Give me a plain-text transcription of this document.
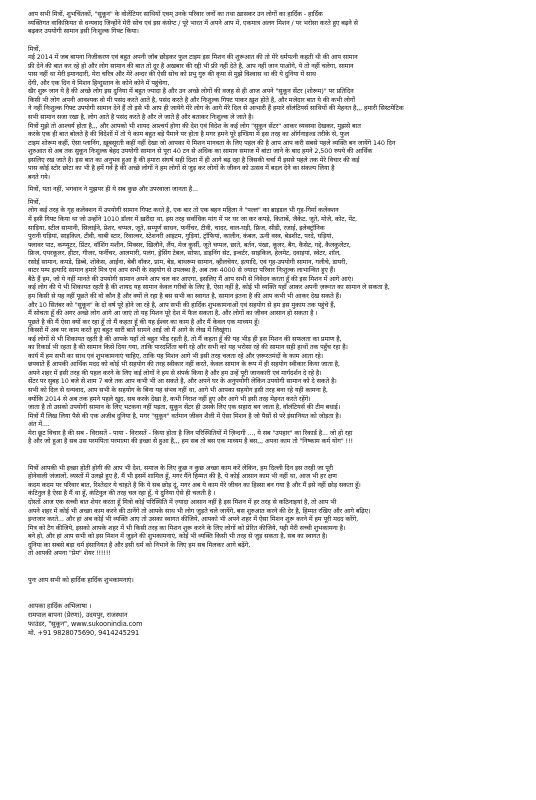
आप सभी मित्रों, शुभचिंतकों, "सुकून" के वोलेंटियर साथियों एवम् उनके परिवार जनों का तथा ख़ासकर उन लोगों का हार्दिक - हार्दिक
व्यक्तिगत वाकिफ़ियत से धन्यवाद जिन्होंने मेरी सोच एवं इस कंसेप्ट / पूरे भारत में अपने आप में, एकमात्र अलग मिशन / पर भरोसा करते हुए बढ़ने से
बढ़कर उपयोगी सामान इसी निःशुल्क गिफ्ट किया।
मित्रों,
मई 2014 में जब बापना निजीकरण एवं बहुत अपनी जॉब छोड़कर फुल टाइम इस मिशन की शुरूआत की तो मेरे धर्मपत्नी कहती थी की आप सामान
फ्री देने की बात कर रहे हो और लोग सामान की बात तो दूर है अखबार की रद्दी भी फ्री नहीं देते है, आप नहीं जान पाओगे, ये तो नहीं चलेगा, सामान
पास नहीं था मेरी इमानदारी, मेरा चरित्र और मेरे अन्दर की ऐसी सोच को प्रभु गुरु की कृपा से मुझे विश्वास था की ये दुनिया में साथ
देंगी, और एक दिन ये मिशन हिन्दुस्तान के कोने कोने में पहुंचेगा,
खैर शुरू जान ये है की अच्छे लोग इस दुनिया में बहुत ज्यादा है और उन अच्छे लोगों की वजह से ही आज अपने "सुकून सेंटर (शोरूम)" पर प्रतिदिन
किसी भी लोग अपनी आवश्यक वो मी पसंद करते आते है, पसंद करते है और निःशुल्क गिफ्ट पाकर ख़ुश होते है, और मजेदार बात ये की कभी लोगों
ने नहीं निःशुल्क गिफ्ट उपयोगी सामान देने हैं तो इसे भी आप ही जायेगे मेरे लोग के आगे मेरे दिल से आभारी हैं हमारे वॉलंटियर्स साथियों की मेहनत है,,, हमारी सिस्टमेटिक
सभी सामान सजा रखा है, लोग आते है पसंद करते है और ले जाते है और बताकर निःशुल्क ले जाते है।
मित्रों मुझे तो आश्चर्य होता है,,, और आपको भी शायद आश्चर्य होगा की देश एवं विदेश के कई लोग "सुकून सेंटर" आकर व्यवस्था देखकर, मुझसे बात
करके एक ही बात बोलते है की विदेशों में तो ये काम बहुत बड़े पैमाने पर होता है मगर हमने पूरे इण्डिया में इस तरह का ऑर्गनाइज्ड तरीके से, फुल
टाइम शोरूम कहीं, ऐसा प्लानिंग, ख़ूबसूरती कहीं नहीं देखा जो आपका ये मिशन मानवता के लिए पहल की है आप आप करी सबसे पहले व्यक्ति बन जायेंगे 140 दिन
शुरुआत से अब तक सुकून निःशुल्क बेहद उपयोगी सामान से पूरा 40 टन से अधिक का सामान समाज में बांटा जाने के बाद हमने 2,500 रुपये की आर्थिक
इसलिए रख जाते है। इस बात का अनुभव हुआ है की हमारा संघर्ष सही दिशा में ही आगे बढ़ रहा है जिसकी चर्चा मैं इससे पहले तक मेरे विचार की कई
पास कोई स्टोर छोटा का भी है हमें गर्व है की अच्छे लोगों ने हम लोगों से जुड़ कर लोगों के जीवन को उत्सव में बदल देने का संकल्प लिया है
बनते गये।
मित्रों, पता नहीं, भगवान ने मुझपर ही ये सब कुछ और उपरवाला जानता है...
मित्रों,
लोग कई तरह के गृह कलेक्शन में उपयोगी सामान गिफ्ट करते है, एक बार तो एक बहन महिला ने "पल्ल" का ब्राइडल भी गृह-गिर्मा कलेक्शन
में इसी गिफ्ट किया था जो उन्होंने 1010 डॉलर में ख़रीदा था, इस तरह सर्वाधिक मांग में पर घर जा कर कपड़े, किताबें, जैकेट, जूते, मोजे, कोट, पेंट,
साड़िया, स्टील सामानी, सिलाईने, प्रेशर, चप्पल, जूते, सम्पूर्ण साधन, फर्नीचर, टीवी, चादर, वाल-घड़ी, फ्रिज, सीडी, रजाई, इलेक्ट्रॉनिक
पुरानी घड़ियां, साइकिल, टीवी, चाबी स्टार, रिवाल्वर, स्टेशनरी आइटम, गुड़ियां, ट्रॉफियां, कालीन, कंबल, ऊनी वस्त्र, बेडशीट, परदे, घड़ियां,
फ्लावर पाट, कम्प्यूटर, प्रिंटर, वॉशिंग मशीन, मिक्सर, खिलौने, लैंप, मेज कुर्सी, जूते चप्पल, छाते, बर्तन, पंखा, कूलर, बैग, कैसेट, गद्दे, कैलकुलेटर,
फ्रिज, एयरकूलर, हीटर, गीजर, फर्नीचर, आलमारी, पलंग, ड्रेसिंग टेबल, सोफा, डाइनिंग सेट, इन्वर्टर, साइकिल, हेलमेट, दवाइयां, स्वेटर, शॉल,
रसोई सामान, कपडे, डिब्बे, शोकेस, आईना, बेबी वॉकर, प्राम, बेड, बाथरूम सामान, व्हीलचेयर, इत्यादि, एवं गृह-उपयोगी सामान, गलीचे, डायरी,
वाटर पम्प इत्यादि सामान हमारे मित्र एवं आप सभी के सहयोग से उपलब्ध है, अब तक 4000 से ज्यादा परिवार निःशुल्क लाभान्वित हुए हैं।
बैठे हैं हम, जो ये नहीं मानते की उपयोगी सामान अपने आप चल कर आएगा, इसलिए मैं आप सभी से निवेदन करता हूँ की इस मिशन में आगे आएं।
कई लोग की ये भी शिकायत रहती है की शायद यह सामान केवल गरीबों के लिए है, ऐसा नहीं है, कोई भी व्यक्ति यहाँ आकर अपनी ज़रूरत का सामान ले सकता है,
हम किसी से यह नहीं पूछते की वो कौन है और क्यों ले रहा है बस सभी का स्वागत है, सामान इतना है की आप कभी भी आकर देख सकते हैं।
और 10 सितंबर को "सुकून" के दो वर्ष पूरे होने जा रहे है, आप सभी की हार्दिक शुभकामनाओं एवं सहयोग से हम इस मुकाम तक पहुंचे हैं,
मैं सोचता हूँ की अगर अच्छे लोग आगे आ जाएं तो यह मिशन पूरे देश में फैल सकता है, और लोगों का जीवन आसान हो सकता है ।
पूछते है की मैं ऐसा क्यों कर रहा हूँ तो मैं कहता हूँ की यह ईश्वर का काम है और मैं केवल एक माध्यम हूँ।
किस्सों में अब पर काम करते हुए बहुत सारी बातें सामने आई जो मैं आगे के लेख में लिखूंगा।
कई लोगों से भी शिकायत रहती है की आपके यहाँ तो बहुत भीड़ रहती है, तो मैं कहता हूँ की यह भीड़ ही इस मिशन की सफलता का प्रमाण है,
का रिकार्ड भी रहता है की सामान किसे दिया गया, ताकि पारदर्शिता बनी रहे और सभी को यह भरोसा रहे की सामान सही हाथों तक पहुँच रहा है।
कार्य में हम सभी का साथ एवं शुभकामनाएं चाहिए, ताकि यह मिशन आगे भी इसी तरह चलता रहे और ज़रूरतमंदों के काम आता रहे।
छपवाते हैं आपकी आर्थिक मदद को कोई भी सहयोग की तरह स्वीकार नहीं करते, केवल सामान के रूप में ही सहयोग स्वीकार किया जाता है,
अपने शहर में इसी तरह की पहल करने के लिए कई लोगों ने हम से संपर्क किया है और हम उन्हें पूरी जानकारी एवं मार्गदर्शन दे रहे है।
सेंटर पर सुबह 10 बजे से शाम 7 बजे तक आप कभी भी आ सकते है, और अपने घर के अनुपयोगी लेकिन उपयोगी सामान को दे सकते है।
सभी को दिल से धन्यवाद, आप सभी के सहयोग के बिना यह संभव नहीं था, आगे भी आपका सहयोग इसी तरह बना रहे यही कामना है,
क्योंकि 2014 से अब तक हमने पहले खुद, सब करके देखा है, कभी निराश नहीं हुए और आगे भी इसी तरह मेहनत करते रहेंगे।
जाता है तो उसको उपयोगी सामान के लिए भटकना नहीं पड़ता, सुकून सेंटर ही उसके लिए एक सहारा बन जाता है, वॉलंटियर्स की टीम बधाई।
मित्रों मैं लिख लिया पैसे की एक अजीब दुनिया है, मगर "सुकून" वर्तमान जीवन शैली में ऐसा मिशन है जो पैसों से परे इंसानियत को जोड़ता है।
अंत में....
मेरा छूट विचार है की सब - विरासतें - पाया - विरासतें - किया होता है जिन परिस्थितियों में ज़िन्दगी ..., ये सब "उपहार" का रिकार्ड है... जो हो रहा
है और जो हुआ है सब उस परमपिता परमात्मा की इच्छा से हुआ है,,, हम सब तो बस एक माध्यम है बस,,, अपना काम तो "निष्काम कर्म योग" !!!
मित्रों आपकी भी इच्छा होती होगी की आप भी देश, समाज के लिए कुछ न कुछ अच्छा काम करें लेकिन, हम दिल्ली दिन इस तरही जा पूरी
होनेवाली जंजालों, व्यस्तों में उलझे हुए है, मैं भी इसमें शामिल हूँ, मगर मैंने हिम्मत की है, ये कोई आसान काम भी नहीं था, आज भी हर क्षण
कदम कदम पर परिवार बात, रिश्तेदार ये चाहते है कि ये सब छोड़ दूं, मगर अब ये काम मेरे जीवन का हिस्सा बन गया है और मैं इसे नहीं छोड़ सकता हूँ।
कंटिनुल है ऐसा है मैं था हूँ, कंटिनुल की तरह चल रहा हूँ, ये दुनिया ऐसे ही चलती है ।
दोस्तों आज एक सच्ची बात शेयर करता हूँ मित्रो कोई परिस्थिति में ज़्यादा आसान नहीं है इस मिशन में हर तरह से कठिनाइयां है, तो आप भी
अपने शहर में कोई भी अच्छा काम करने की ठानेंगे तो आपके साथ भी लोग जुड़ते चले जायेंगे, बस शुरुआत करने की देर है, हिम्मत रखिए और आगे बढ़िए।
इन्तजार करते... और हां अब कोई भी व्यक्ति आए तो उसका स्वागत कीजिये, आपको भी अपने शहर में ऐसा मिशन शुरू करने में हम पूरी मदद करेंगे,
मित्र को टैग कीजिये, इसको आपके शहर में भी किसी तरह का मिशन शुरू करने के लिए लोगों को प्रेरित कीजिये, यही मेरी सच्ची शुभकामना है।
बने हो, और हां आप सभी को इस मिशन में जुड़ने की शुभकामनाएं, कोई भी व्यक्ति किसी भी तरह से जुड़ सकता है, सब का स्वागत है।
दुनिया का सबसे बड़ा धर्म इंसानियत है और इसी धर्म को निभाने के लिए हम सब मिलकर आगे बढ़ेंगे,
तो आपकी अपना "प्रेम" शेयर !!!!!!
पुनः आप सभी को हार्दिक हार्दिक शुभकामनाएं।
आपका हार्दिक अभिलाषा ।
रामपाल बापना (प्रेरणा), उदयपुर, राजस्थान
फाउंडर, "सुकून", www.sukoonindia.com
मो. +91 9828075690, 9414245291
